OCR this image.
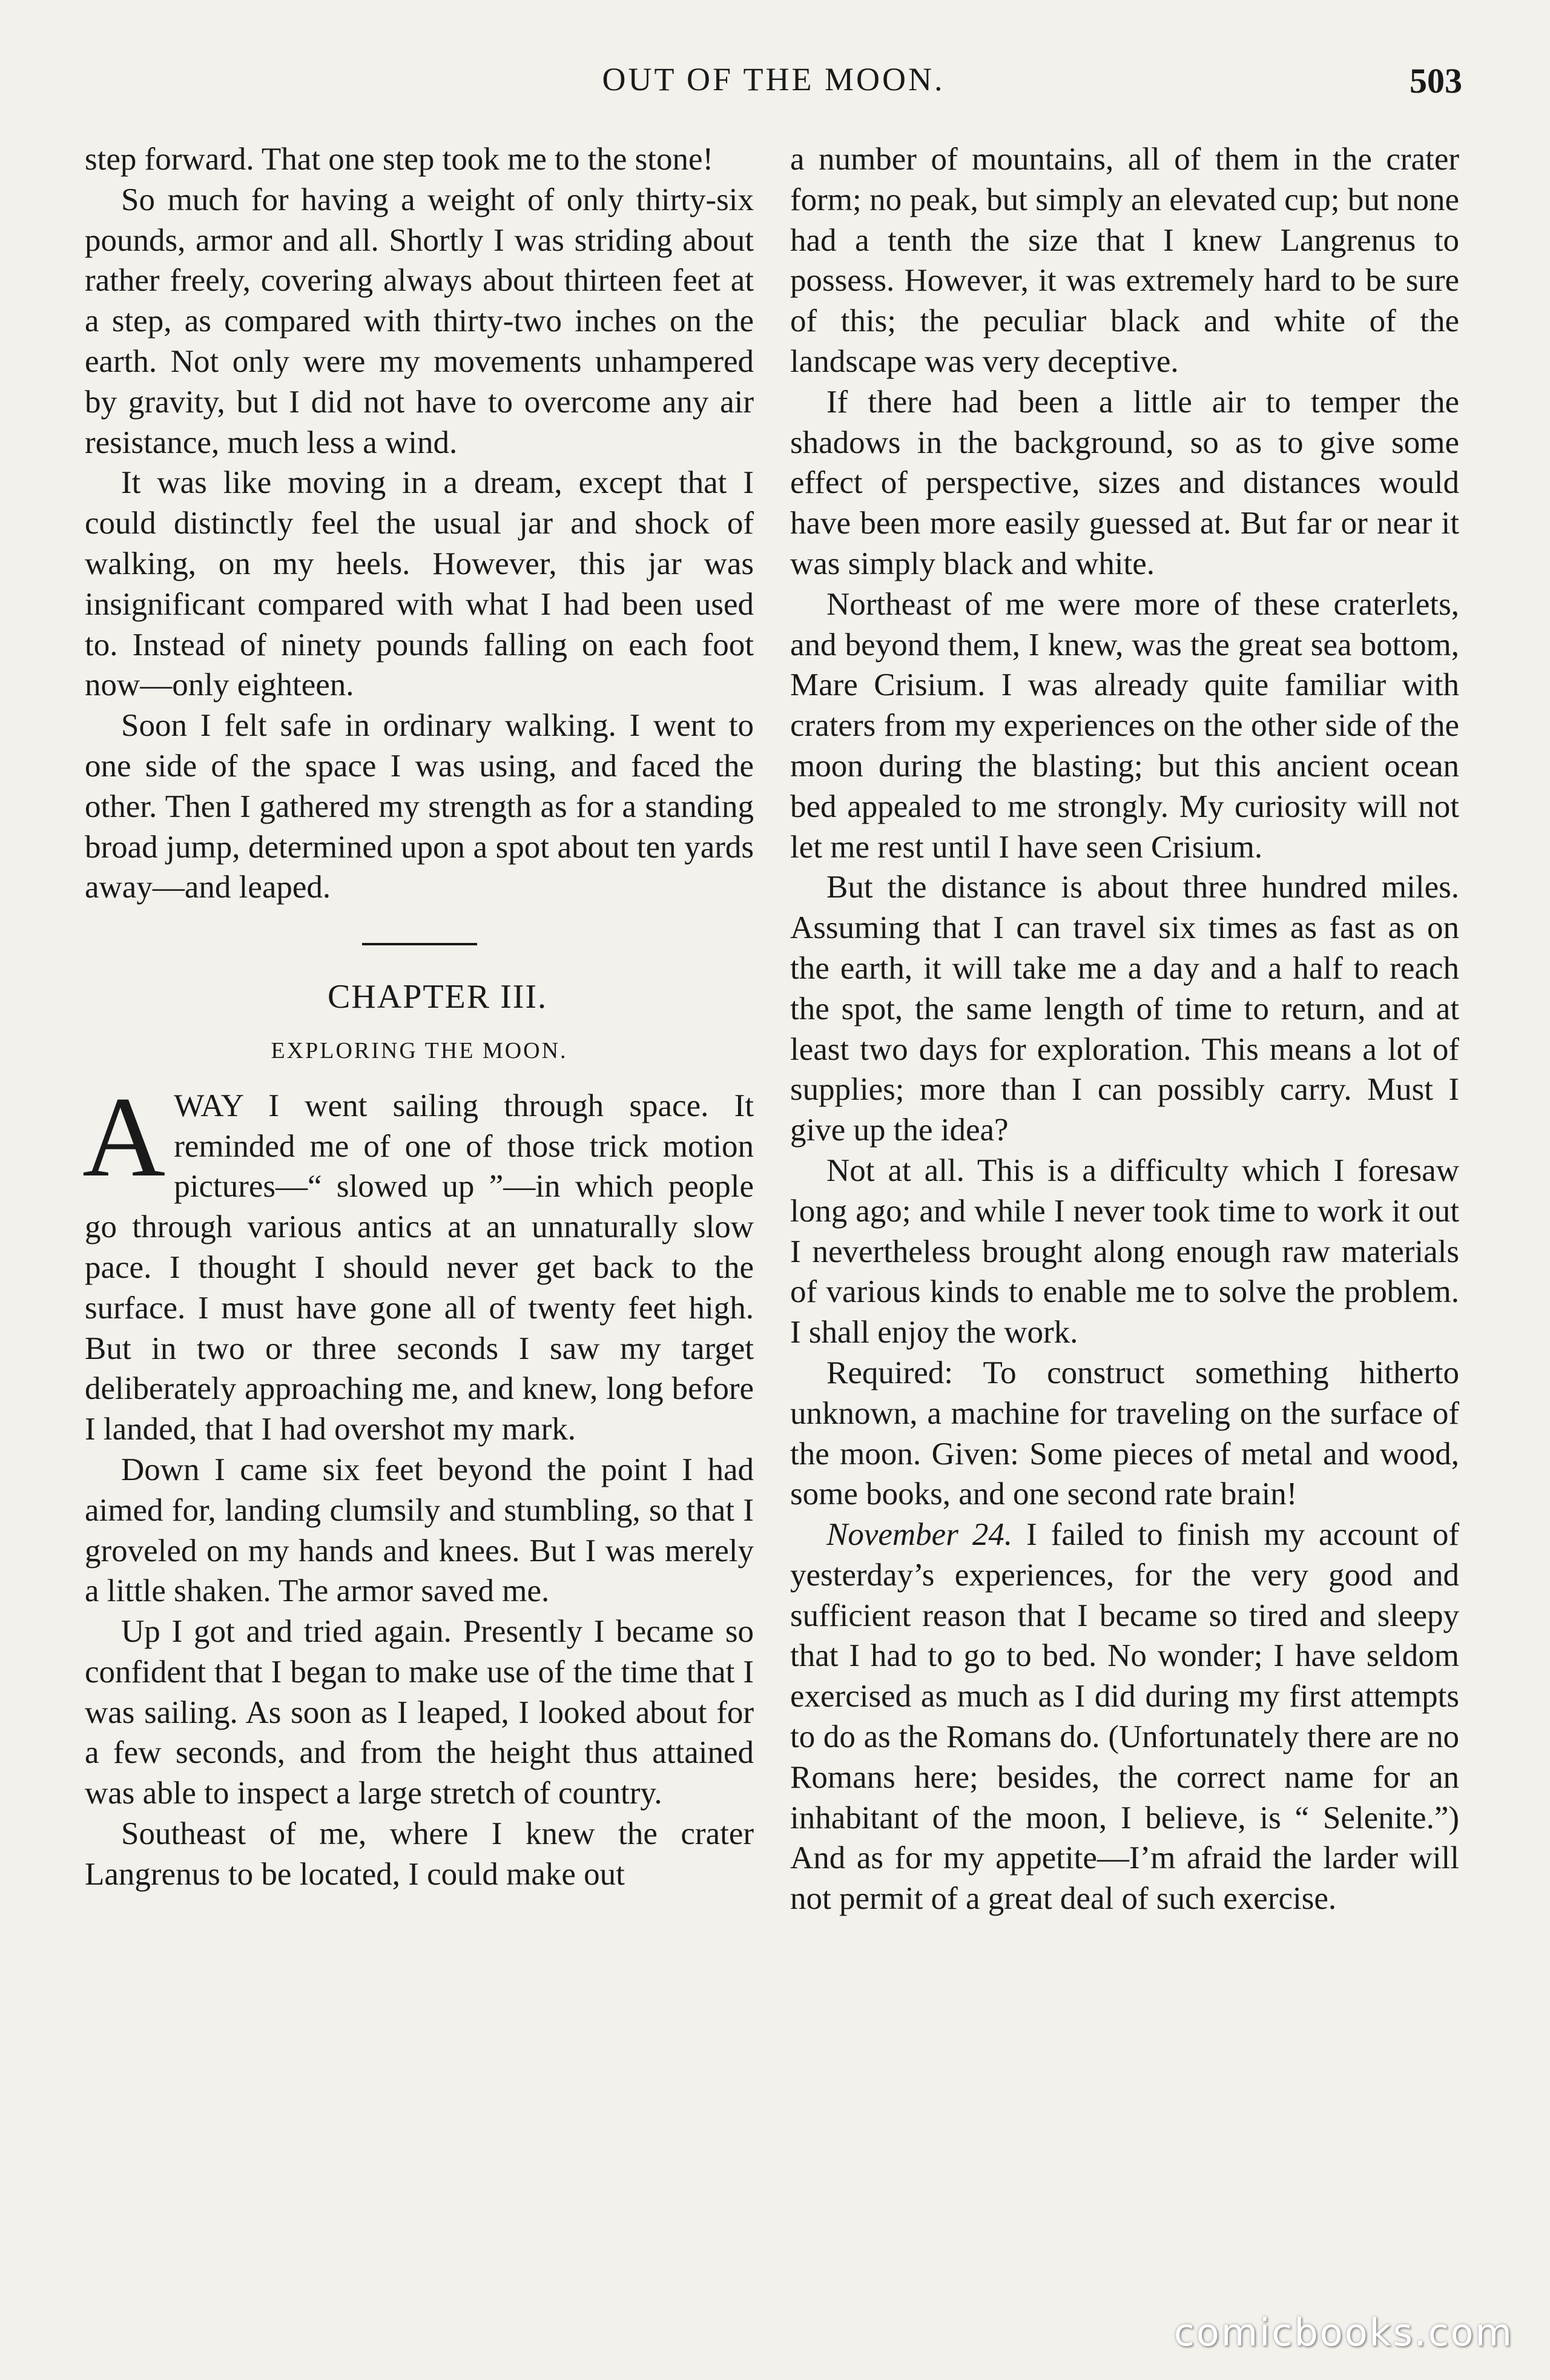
OUT OF THE MOON.	503

step forward. That one step took me to the stone!

So much for having a weight of only thirty-six pounds, armor and all. Shortly I was striding about rather freely, covering always about thirteen feet at a step, as compared with thirty-two inches on the earth. Not only were my movements unhampered by gravity, but I did not have to overcome any air resistance, much less a wind.

It was like moving in a dream, except that I could distinctly feel the usual jar and shock of walking, on my heels. However, this jar was insignificant compared with what I had been used to. Instead of ninety pounds falling on each foot now—only eighteen.

Soon I felt safe in ordinary walking. I went to one side of the space I was using, and faced the other. Then I gathered my strength as for a standing broad jump, determined upon a spot about ten yards away—and leaped.

CHAPTER III.

EXPLORING THE MOON.

AWAY I went sailing through space. It reminded me of one of those trick motion pictures—“ slowed up ”—in which people go through various antics at an unnaturally slow pace. I thought I should never get back to the surface. I must have gone all of twenty feet high. But in two or three seconds I saw my target deliberately approaching me, and knew, long before I landed, that I had overshot my mark.

Down I came six feet beyond the point I had aimed for, landing clumsily and stumbling, so that I groveled on my hands and knees. But I was merely a little shaken. The armor saved me.

Up I got and tried again. Presently I became so confident that I began to make use of the time that I was sailing. As soon as I leaped, I looked about for a few seconds, and from the height thus attained was able to inspect a large stretch of country.

Southeast of me, where I knew the crater Langrenus to be located, I could make out

a number of mountains, all of them in the crater form; no peak, but simply an elevated cup; but none had a tenth the size that I knew Langrenus to possess. However, it was extremely hard to be sure of this; the peculiar black and white of the landscape was very deceptive.

If there had been a little air to temper the shadows in the background, so as to give some effect of perspective, sizes and distances would have been more easily guessed at. But far or near it was simply black and white.

Northeast of me were more of these craterlets, and beyond them, I knew, was the great sea bottom, Mare Crisium. I was already quite familiar with craters from my experiences on the other side of the moon during the blasting; but this ancient ocean bed appealed to me strongly. My curiosity will not let me rest until I have seen Crisium.

But the distance is about three hundred miles. Assuming that I can travel six times as fast as on the earth, it will take me a day and a half to reach the spot, the same length of time to return, and at least two days for exploration. This means a lot of supplies; more than I can possibly carry. Must I give up the idea?

Not at all. This is a difficulty which I foresaw long ago; and while I never took time to work it out I nevertheless brought along enough raw materials of various kinds to enable me to solve the problem. I shall enjoy the work.

Required: To construct something hitherto unknown, a machine for traveling on the surface of the moon. Given: Some pieces of metal and wood, some books, and one second rate brain!

November 24. I failed to finish my account of yesterday’s experiences, for the very good and sufficient reason that I became so tired and sleepy that I had to go to bed. No wonder; I have seldom exercised as much as I did during my first attempts to do as the Romans do. (Unfortunately there are no Romans here; besides, the correct name for an inhabitant of the moon, I believe, is “ Selenite.”) And as for my appetite—I’m afraid the larder will not permit of a great deal of such exercise.

comicbooks.com
